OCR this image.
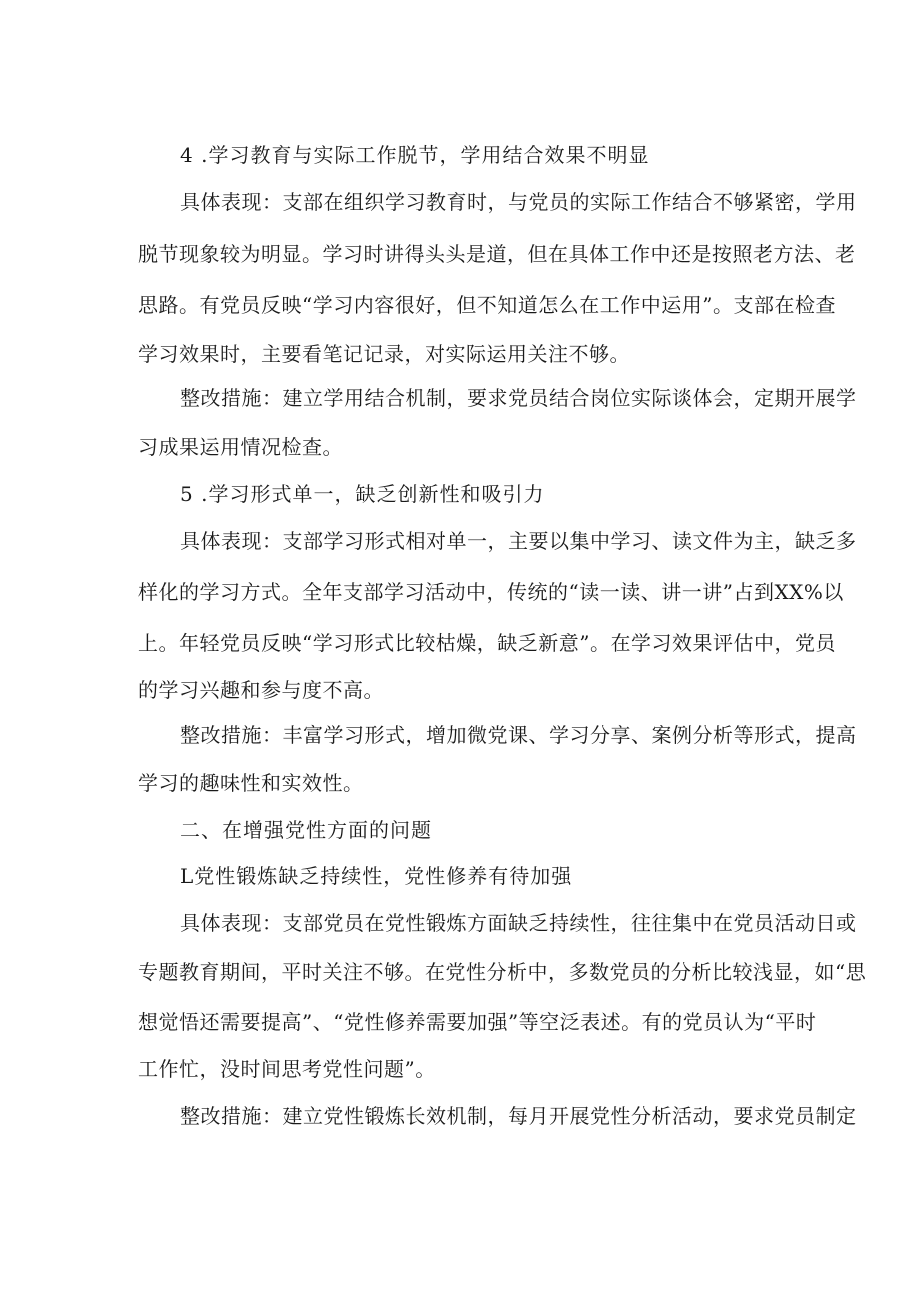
4 .学习教育与实际工作脱节，学用结合效果不明显
具体表现：支部在组织学习教育时，与党员的实际工作结合不够紧密，学用
脱节现象较为明显。学习时讲得头头是道，但在具体工作中还是按照老方法、老
思路。有党员反映“学习内容很好，但不知道怎么在工作中运用”。支部在检查
学习效果时，主要看笔记记录，对实际运用关注不够。
整改措施：建立学用结合机制，要求党员结合岗位实际谈体会，定期开展学
习成果运用情况检查。
5 .学习形式单一，缺乏创新性和吸引力
具体表现：支部学习形式相对单一，主要以集中学习、读文件为主，缺乏多
样化的学习方式。全年支部学习活动中，传统的“读一读、讲一讲”占到XX%以
上。年轻党员反映“学习形式比较枯燥，缺乏新意”。在学习效果评估中，党员
的学习兴趣和参与度不高。
整改措施：丰富学习形式，增加微党课、学习分享、案例分析等形式，提高
学习的趣味性和实效性。
二、在增强党性方面的问题
L党性锻炼缺乏持续性，党性修养有待加强
具体表现：支部党员在党性锻炼方面缺乏持续性，往往集中在党员活动日或
专题教育期间，平时关注不够。在党性分析中，多数党员的分析比较浅显，如“思
想觉悟还需要提高”、“党性修养需要加强”等空泛表述。有的党员认为“平时
工作忙，没时间思考党性问题”。
整改措施：建立党性锻炼长效机制，每月开展党性分析活动，要求党员制定
